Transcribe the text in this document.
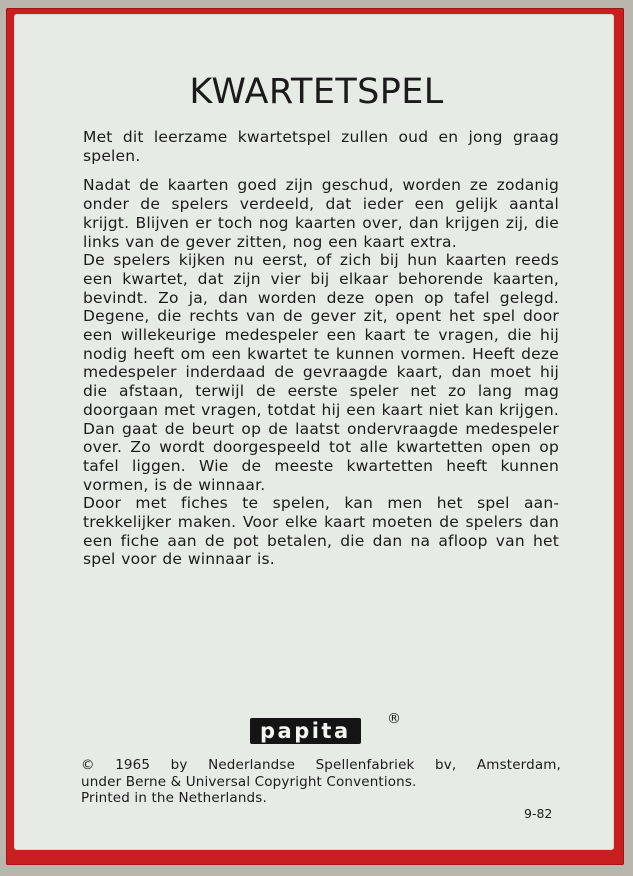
KWARTETSPEL

Met dit leerzame kwartetspel zullen oud en jong graag spelen.

Nadat de kaarten goed zijn geschud, worden ze zodanig onder de spelers verdeeld, dat ieder een gelijk aantal krijgt. Blijven er toch nog kaarten over, dan krijgen zij, die links van de gever zitten, nog een kaart extra.

De spelers kijken nu eerst, of zich bij hun kaarten reeds een kwartet, dat zijn vier bij elkaar behorende kaarten, bevindt. Zo ja, dan worden deze open op tafel gelegd. Degene, die rechts van de gever zit, opent het spel door een willekeurige medespeler een kaart te vragen, die hij nodig heeft om een kwartet te kunnen vormen. Heeft deze medespeler inderdaad de gevraagde kaart, dan moet hij die afstaan, terwijl de eerste speler net zo lang mag doorgaan met vragen, totdat hij een kaart niet kan krijgen. Dan gaat de beurt op de laatst ondervraagde medespeler over. Zo wordt doorgespeeld tot alle kwartetten open op tafel liggen. Wie de meeste kwartetten heeft kunnen vormen, is de winnaar.

Door met fiches te spelen, kan men het spel aantrekkelijker maken. Voor elke kaart moeten de spelers dan een fiche aan de pot betalen, die dan na afloop van het spel voor de winnaar is.

papita	®

© 1965 by Nederlandse Spellenfabriek bv, Amsterdam,

under Berne & Universal Copyright Conventions.

Printed in the Netherlands.

9-82
